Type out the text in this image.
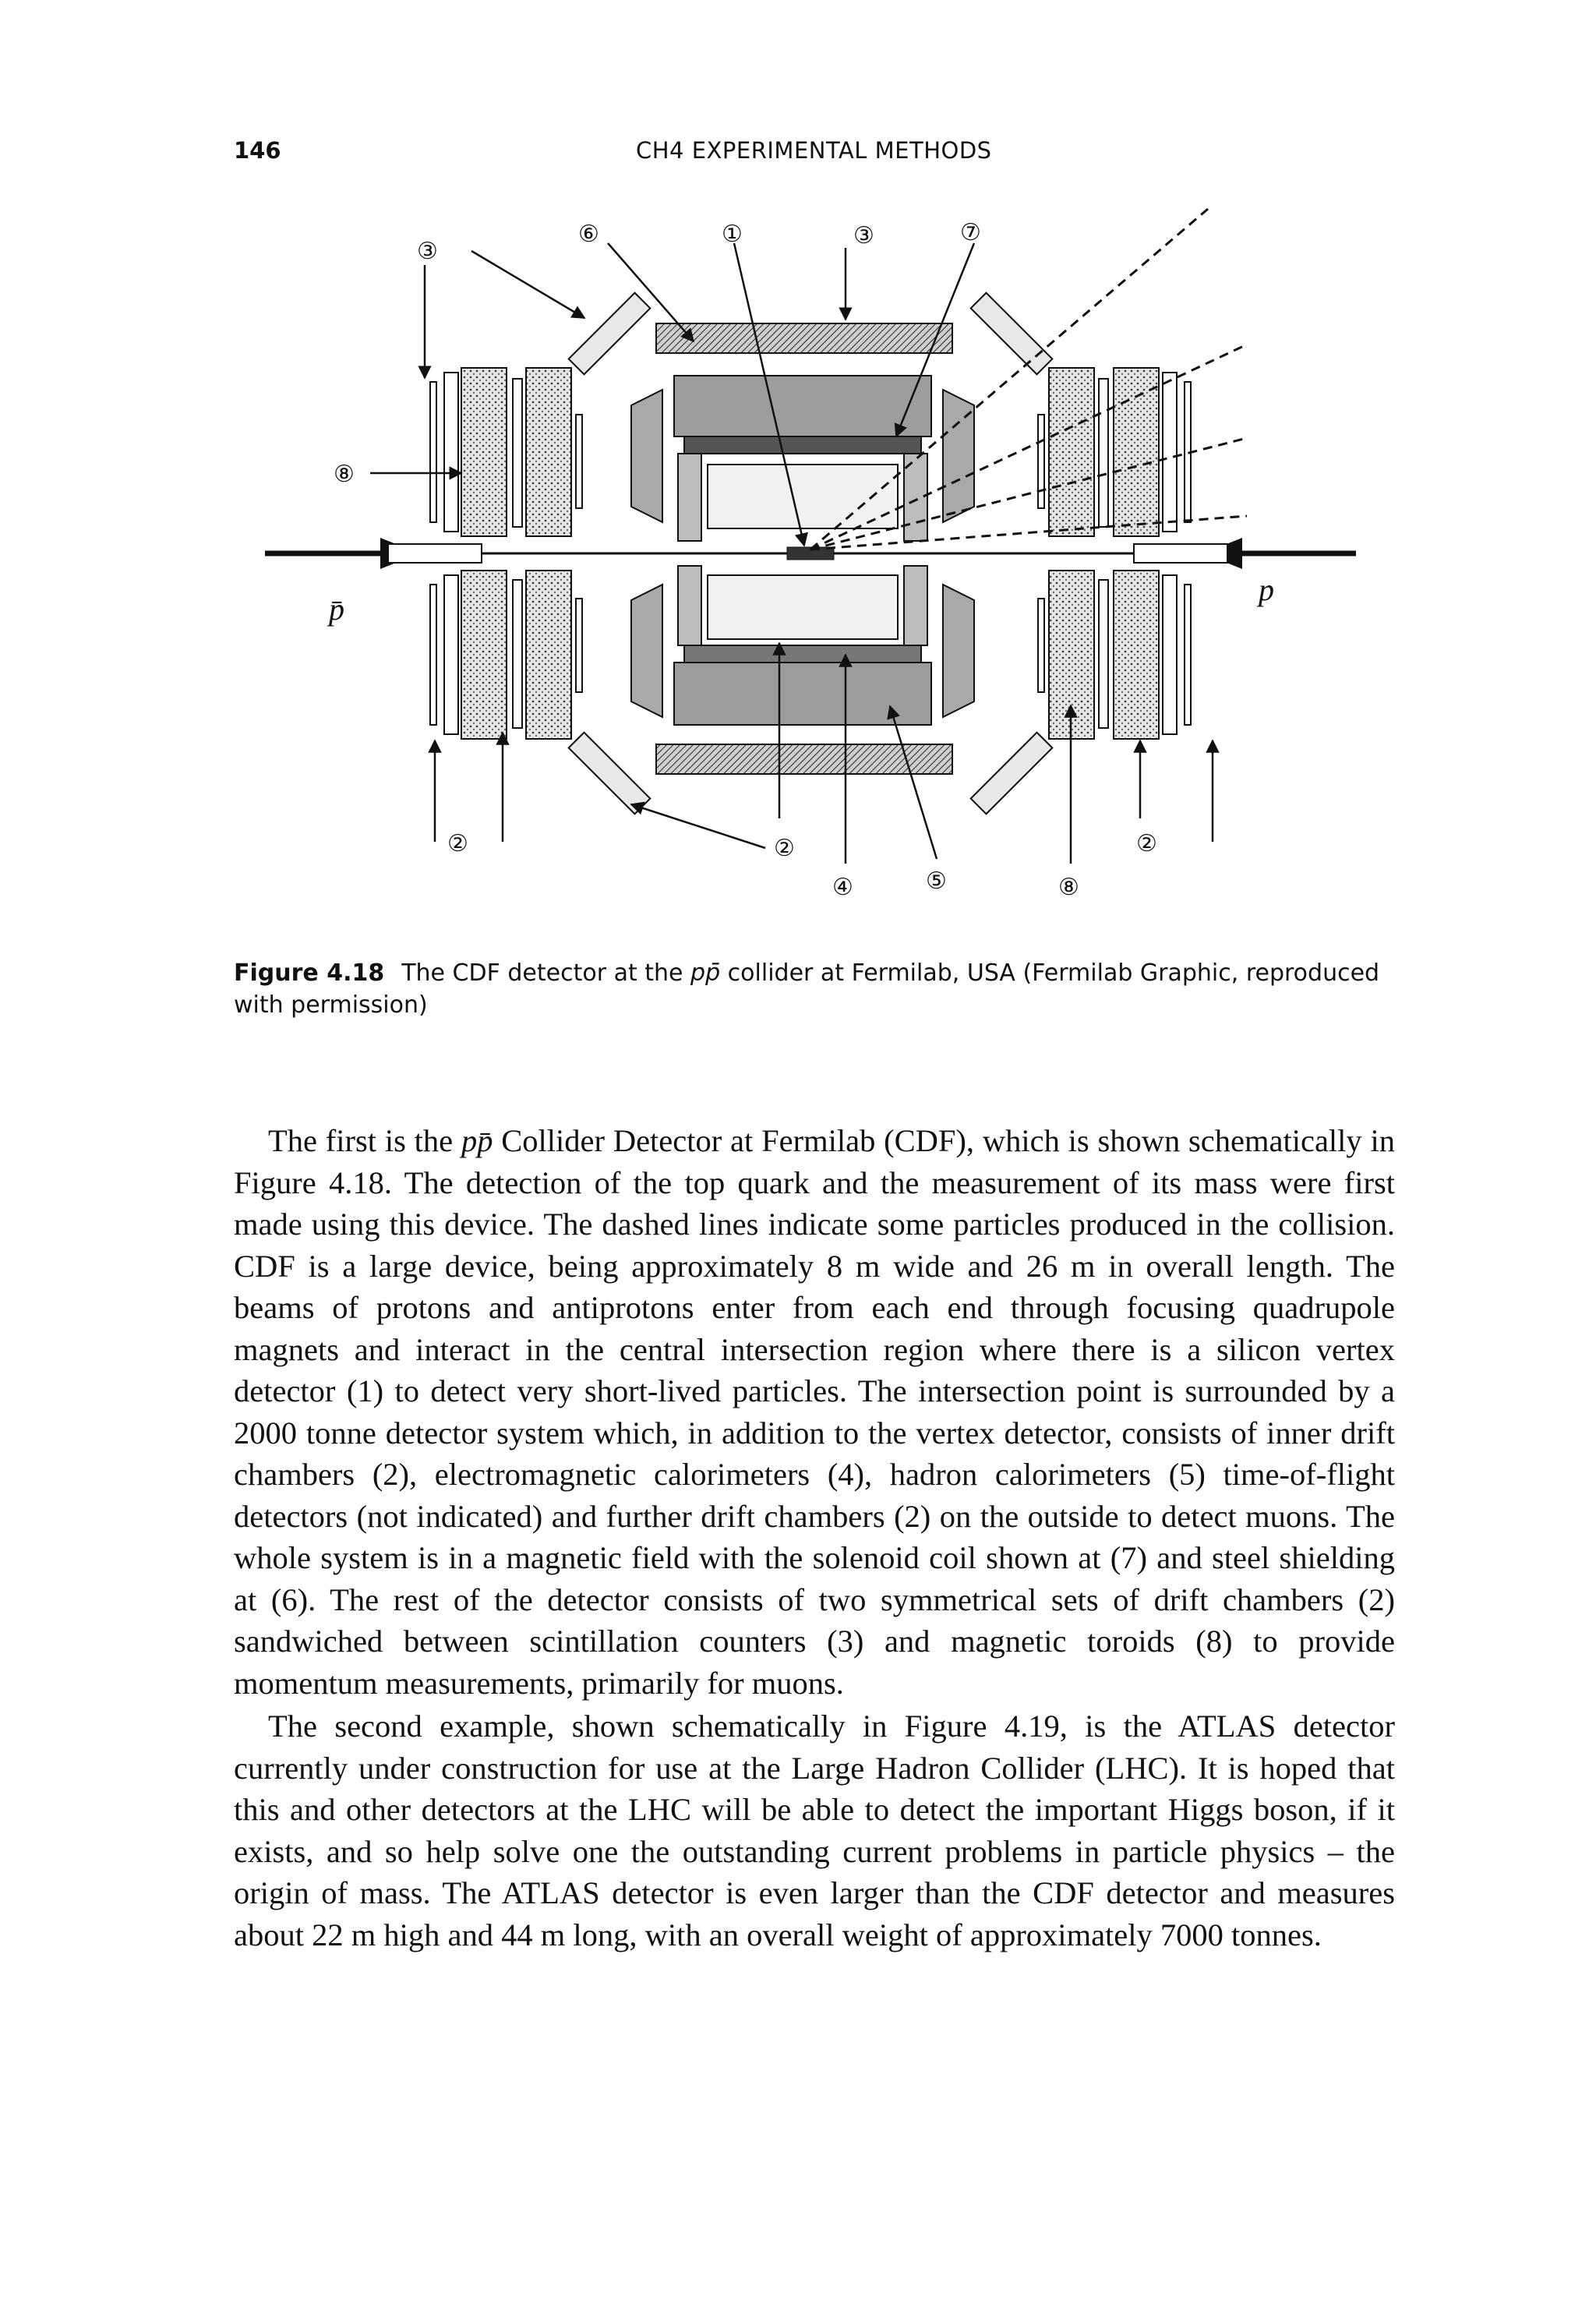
146	CH4 EXPERIMENTAL METHODS
③
⑥	①	③	⑦
⑧
②	②	②
④	⑤	⑧
p̄
p
Figure 4.18 The CDF detector at the pp̄ collider at Fermilab, USA (Fermilab Graphic, reproduced with permission)

The first is the pp̄ Collider Detector at Fermilab (CDF), which is shown schematically in Figure 4.18. The detection of the top quark and the measurement of its mass were first made using this device. The dashed lines indicate some particles produced in the collision. CDF is a large device, being approximately 8 m wide and 26 m in overall length. The beams of protons and antiprotons enter from each end through focusing quadrupole magnets and interact in the central intersection region where there is a silicon vertex detector (1) to detect very short-lived particles. The intersection point is surrounded by a 2000 tonne detector system which, in addition to the vertex detector, consists of inner drift chambers (2), electromagnetic calorimeters (4), hadron calorimeters (5) time-of-flight detectors (not indicated) and further drift chambers (2) on the outside to detect muons. The whole system is in a magnetic field with the solenoid coil shown at (7) and steel shielding at (6). The rest of the detector consists of two symmetrical sets of drift chambers (2) sandwiched between scintillation counters (3) and magnetic toroids (8) to provide momentum measurements, primarily for muons.

The second example, shown schematically in Figure 4.19, is the ATLAS detector currently under construction for use at the Large Hadron Collider (LHC). It is hoped that this and other detectors at the LHC will be able to detect the important Higgs boson, if it exists, and so help solve one the outstanding current problems in particle physics – the origin of mass. The ATLAS detector is even larger than the CDF detector and measures about 22 m high and 44 m long, with an overall weight of approximately 7000 tonnes.
